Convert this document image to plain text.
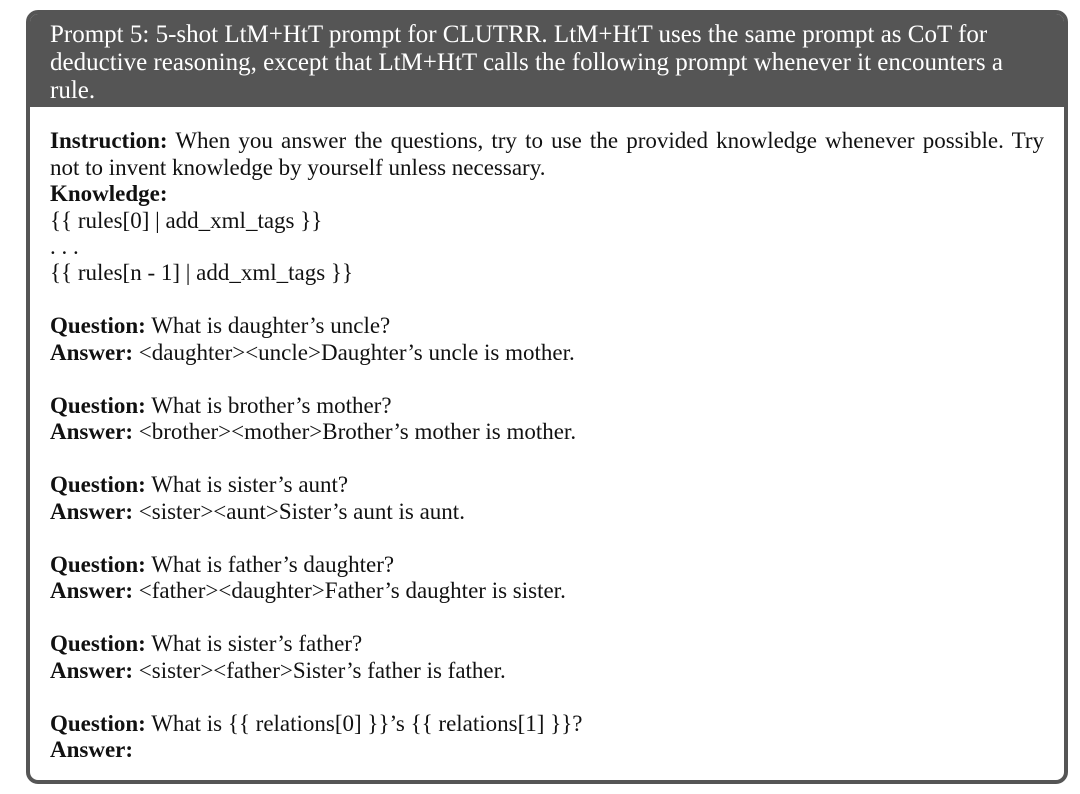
Prompt 5: 5-shot LtM+HtT prompt for CLUTRR. LtM+HtT uses the same prompt as CoT for deductive reasoning, except that LtM+HtT calls the following prompt whenever it encounters a rule.
Instruction: When you answer the questions, try to use the provided knowledge whenever possible. Try not to invent knowledge by yourself unless necessary.
Knowledge:
{{ rules[0] | add_xml_tags }}
. . .
{{ rules[n - 1] | add_xml_tags }}
Question: What is daughter’s uncle?
Answer: <daughter><uncle>Daughter’s uncle is mother.
Question: What is brother’s mother?
Answer: <brother><mother>Brother’s mother is mother.
Question: What is sister’s aunt?
Answer: <sister><aunt>Sister’s aunt is aunt.
Question: What is father’s daughter?
Answer: <father><daughter>Father’s daughter is sister.
Question: What is sister’s father?
Answer: <sister><father>Sister’s father is father.
Question: What is {{ relations[0] }}’s {{ relations[1] }}?
Answer:
